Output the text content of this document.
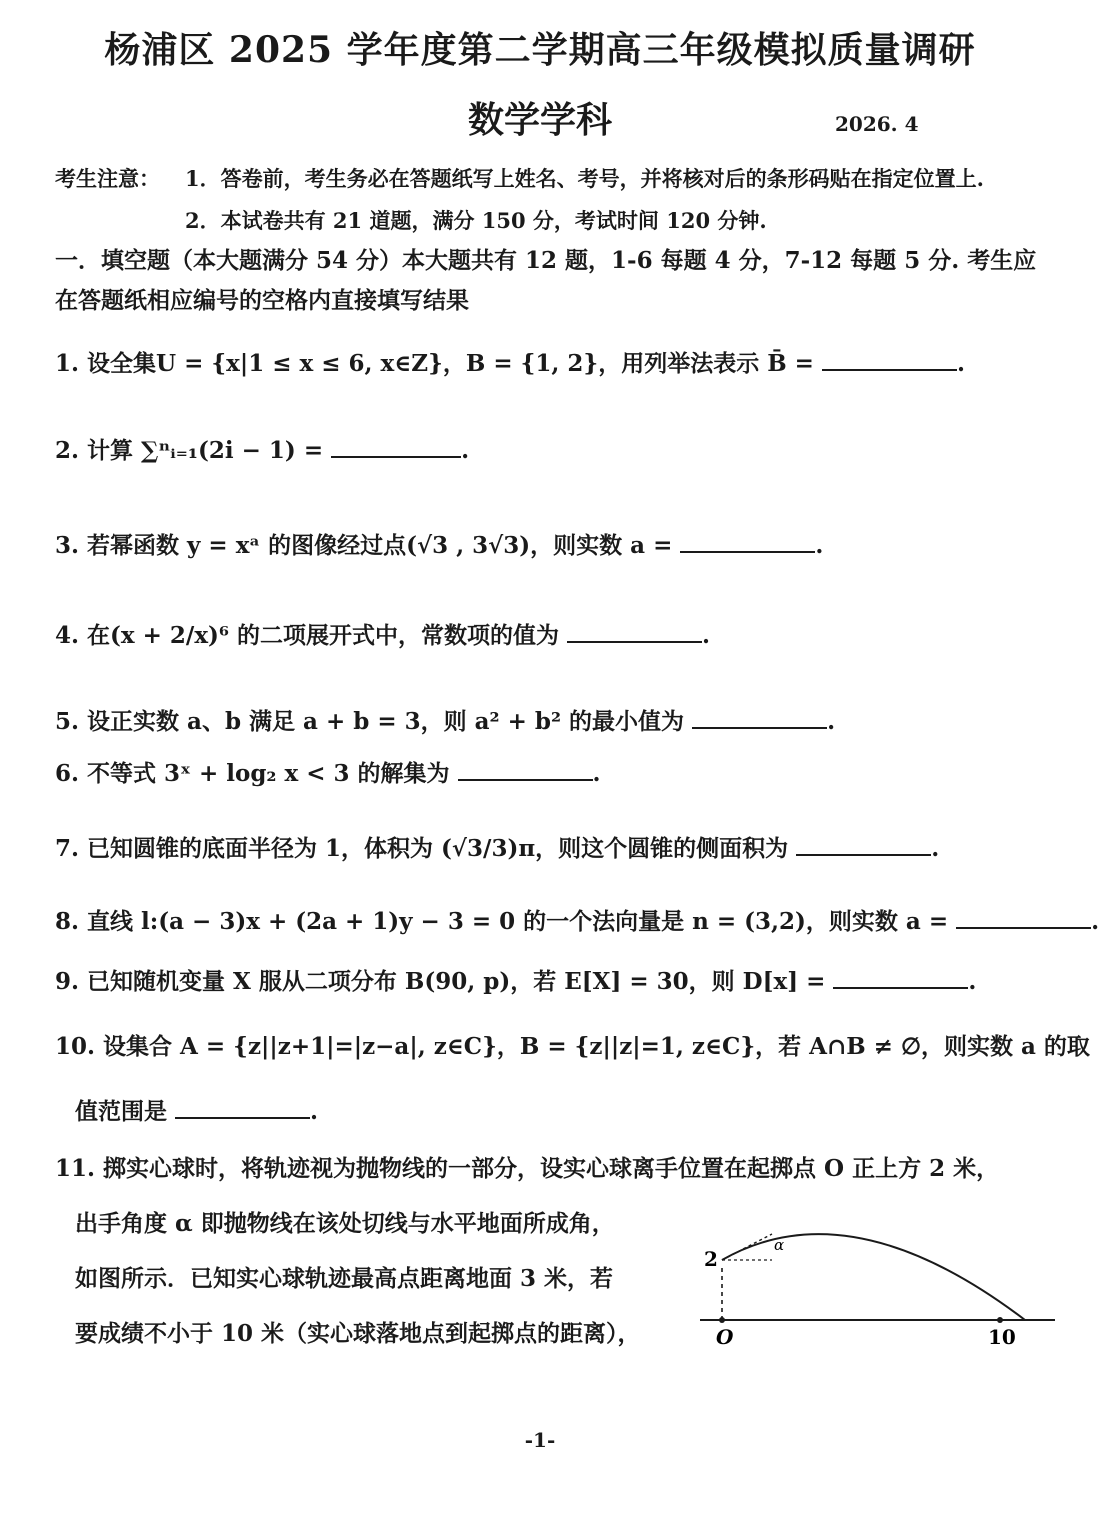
杨浦区 2025 学年度第二学期高三年级模拟质量调研
数学学科	2026. 4
考生注意： 1．答卷前，考生务必在答题纸写上姓名、考号，并将核对后的条形码贴在指定位置上.
2．本试卷共有 21 道题，满分 150 分，考试时间 120 分钟.
一．填空题（本大题满分 54 分）本大题共有 12 题，1-6 每题 4 分，7-12 每题 5 分. 考生应在答题纸相应编号的空格内直接填写结果
1. 设全集U = {x|1 ≤ x ≤ 6, x∈Z}，B = {1, 2}，用列举法表示 B̄ =	.
2. 计算 ∑ⁿᵢ₌₁(2i − 1) =	.
3. 若幂函数 y = xᵃ 的图像经过点(√3 , 3√3)，则实数 a =	.
4. 在(x + 2/x)⁶ 的二项展开式中，常数项的值为	.
5. 设正实数 a、b 满足 a + b = 3，则 a² + b² 的最小值为	.
6. 不等式 3ˣ + log₂ x < 3 的解集为	.
7. 已知圆锥的底面半径为 1，体积为 (√3/3)π，则这个圆锥的侧面积为	.
8. 直线 l:(a − 3)x + (2a + 1)y − 3 = 0 的一个法向量是 n = (3,2)，则实数 a =	.
9. 已知随机变量 X 服从二项分布 B(90, p)，若 E[X] = 30，则 D[x] =	.
10. 设集合 A = {z||z+1|=|z−a|, z∈C}，B = {z||z|=1, z∈C}，若 A∩B ≠ ∅，则实数 a 的取
值范围是	.
11. 掷实心球时，将轨迹视为抛物线的一部分，设实心球离手位置在起掷点 O 正上方 2 米，
出手角度 α 即抛物线在该处切线与水平地面所成角，
如图所示．已知实心球轨迹最高点距离地面 3 米，若
要成绩不小于 10 米（实心球落地点到起掷点的距离），
2
O	10
α
-1-
